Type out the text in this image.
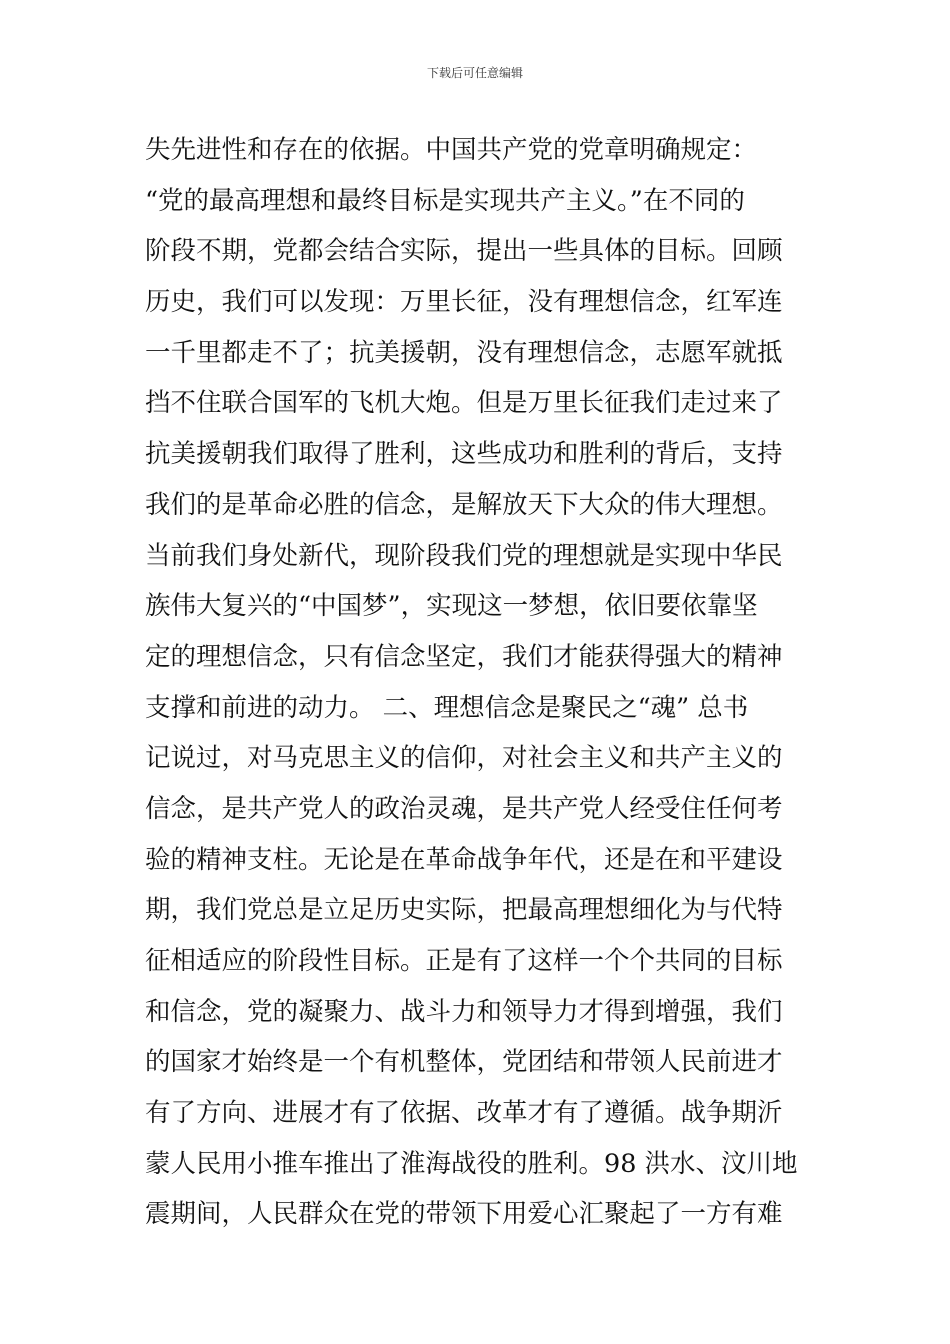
下载后可任意编辑
失先进性和存在的依据。中国共产党的党章明确规定：
“党的最高理想和最终目标是实现共产主义。”在不同的
阶段不期，党都会结合实际，提出一些具体的目标。回顾
历史，我们可以发现：万里长征，没有理想信念，红军连
一千里都走不了；抗美援朝，没有理想信念，志愿军就抵
挡不住联合国军的飞机大炮。但是万里长征我们走过来了
抗美援朝我们取得了胜利，这些成功和胜利的背后，支持
我们的是革命必胜的信念，是解放天下大众的伟大理想。
当前我们身处新代，现阶段我们党的理想就是实现中华民
族伟大复兴的“中国梦”，实现这一梦想，依旧要依靠坚
定的理想信念，只有信念坚定，我们才能获得强大的精神
支撑和前进的动力。 二、理想信念是聚民之“魂” 总书
记说过，对马克思主义的信仰，对社会主义和共产主义的
信念，是共产党人的政治灵魂，是共产党人经受住任何考
验的精神支柱。无论是在革命战争年代，还是在和平建设
期，我们党总是立足历史实际，把最高理想细化为与代特
征相适应的阶段性目标。正是有了这样一个个共同的目标
和信念，党的凝聚力、战斗力和领导力才得到增强，我们
的国家才始终是一个有机整体，党团结和带领人民前进才
有了方向、进展才有了依据、改革才有了遵循。战争期沂
蒙人民用小推车推出了淮海战役的胜利。98 洪水、汶川地
震期间，人民群众在党的带领下用爱心汇聚起了一方有难
